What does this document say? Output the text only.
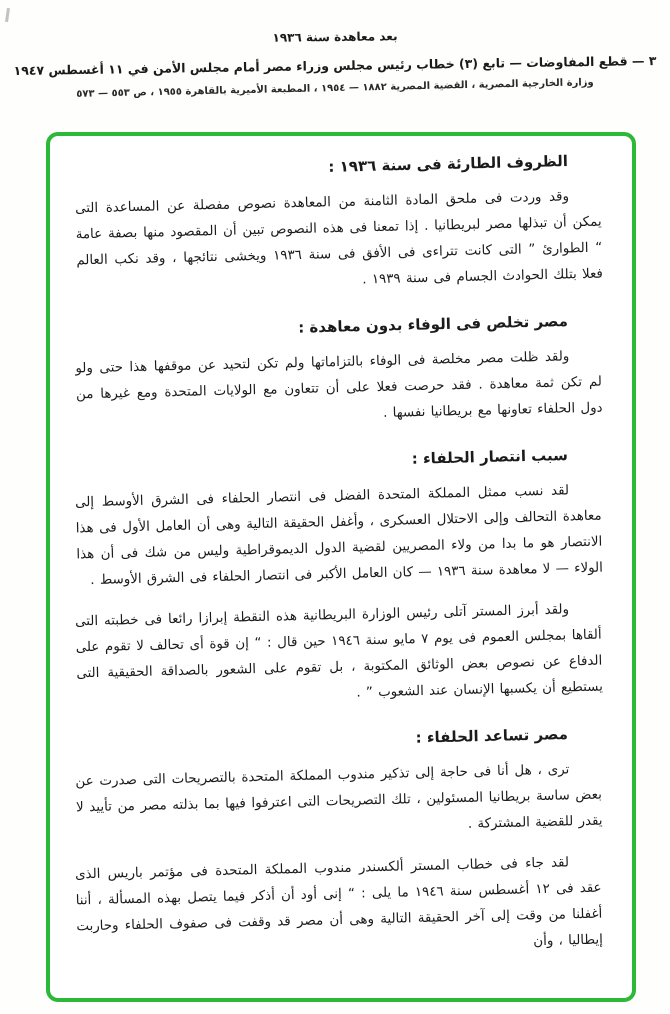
بعد معاهدة سنة ١٩٣٦
٣ — قطع المفاوضات — تابع (٣) خطاب رئيس مجلس وزراء مصر أمام مجلس الأمن في ١١ أغسطس ١٩٤٧
وزارة الخارجية المصرية ، القضية المصرية ١٨٨٢ — ١٩٥٤ ، المطبعة الأميرية بالقاهرة ١٩٥٥ ، ص ٥٥٣ — ٥٧٣
الظروف الطارئة فى سنة ١٩٣٦ :

وقد وردت فى ملحق المادة الثامنة من المعاهدة نصوص مفصلة عن المساعدة التى يمكن أن تبذلها مصر لبريطانيا . إذا تمعنا فى هذه النصوص تبين أن المقصود منها بصفة عامة “ الطوارئ ” التى كانت تتراءى فى الأفق فى سنة ١٩٣٦ ويخشى نتائجها ، وقد نكب العالم فعلا بتلك الحوادث الجسام فى سنة ١٩٣٩ .

مصر تخلص فى الوفاء بدون معاهدة :

ولقد ظلت مصر مخلصة فى الوفاء بالتزاماتها ولم تكن لتحيد عن موقفها هذا حتى ولو لم تكن ثمة معاهدة . فقد حرصت فعلا على أن تتعاون مع الولايات المتحدة ومع غيرها من دول الحلفاء تعاونها مع بريطانيا نفسها .

سبب انتصار الحلفاء :

لقد نسب ممثل المملكة المتحدة الفضل فى انتصار الحلفاء فى الشرق الأوسط إلى معاهدة التحالف وإلى الاحتلال العسكرى ، وأغفل الحقيقة التالية وهى أن العامل الأول فى هذا الانتصار هو ما بدا من ولاء المصريين لقضية الدول الديموقراطية وليس من شك فى أن هذا الولاء — لا معاهدة سنة ١٩٣٦ — كان العامل الأكبر فى انتصار الحلفاء فى الشرق الأوسط .

ولقد أبرز المستر آتلى رئيس الوزارة البريطانية هذه النقطة إبرازا رائعا فى خطبته التى ألقاها بمجلس العموم فى يوم ٧ مايو سنة ١٩٤٦ حين قال : “ إن قوة أى تحالف لا تقوم على الدفاع عن نصوص بعض الوثائق المكتوبة ، بل تقوم على الشعور بالصداقة الحقيقية التى يستطيع أن يكسبها الإنسان عند الشعوب ” .

مصر تساعد الحلفاء :

ترى ، هل أنا فى حاجة إلى تذكير مندوب المملكة المتحدة بالتصريحات التى صدرت عن بعض ساسة بريطانيا المسئولين ، تلك التصريحات التى اعترفوا فيها بما بذلته مصر من تأييد لا يقدر للقضية المشتركة .

لقد جاء فى خطاب المستر ألكسندر مندوب المملكة المتحدة فى مؤتمر باريس الذى عقد فى ١٢ أغسطس سنة ١٩٤٦ ما يلى : “ إنى أود أن أذكر فيما يتصل بهذه المسألة ، أننا أغفلنا من وقت إلى آخر الحقيقة التالية وهى أن مصر قد وقفت فى صفوف الحلفاء وحاربت إيطاليا ، وأن
